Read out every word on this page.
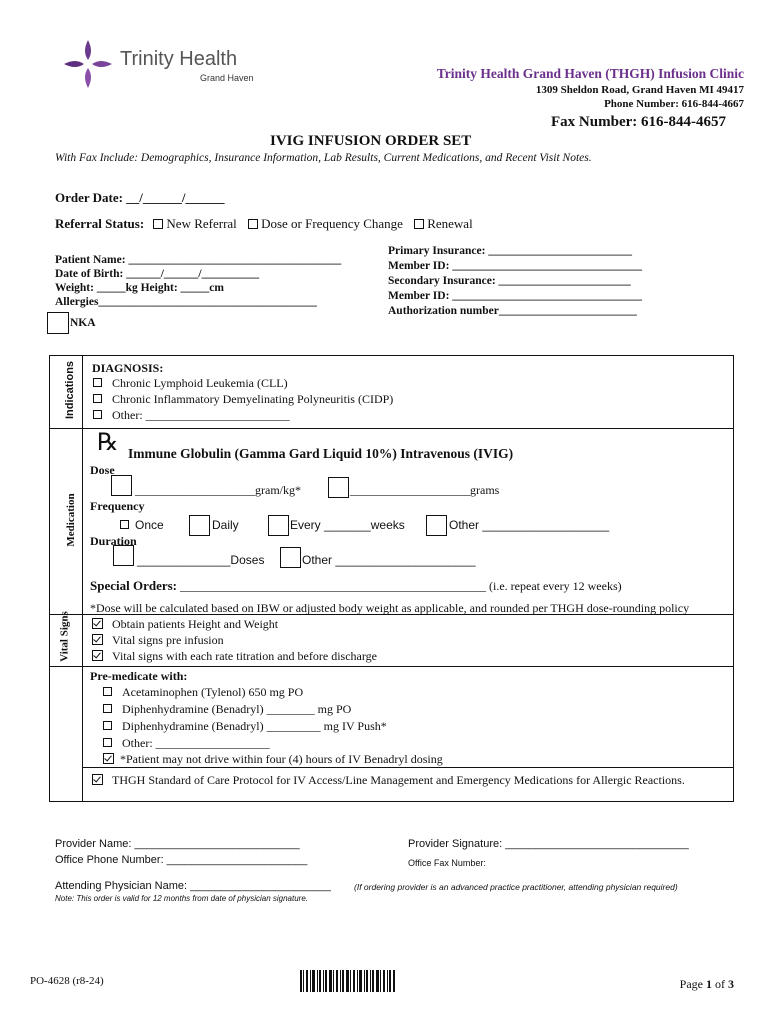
Trinity Health
Grand Haven	Trinity Health Grand Haven (THGH) Infusion Clinic
1309 Sheldon Road, Grand Haven MI 49417
Phone Number: 616-844-4667
Fax Number: 616-844-4657
IVIG INFUSION ORDER SET
With Fax Include: Demographics, Insurance Information, Lab Results, Current Medications, and Recent Visit Notes.
Order Date: __/______/______
Referral Status: New Referral Dose or Frequency Change Renewal
Patient Name: _____________________________________
Date of Birth: ______/______/__________
Weight: _____kg Height: _____cm
Allergies______________________________________
NKA
Primary Insurance: _________________________
Member ID: _________________________________
Secondary Insurance: _______________________
Member ID: _________________________________
Authorization number________________________
Indications
Medication
Vital Signs
DIAGNOSIS:
Chronic Lymphoid Leukemia (CLL)
Chronic Inflammatory Demyelinating Polyneuritis (CIDP)
Other: ________________________
℞ Immune Globulin (Gamma Gard Liquid 10%) Intravenous (IVIG)
Dose
____________________gram/kg*	____________________grams
Frequency
Once	Daily	Every _______weeks	Other ___________________
Duration
______________Doses	Other _____________________
Special Orders: ___________________________________________________ (i.e. repeat every 12 weeks)
*Dose will be calculated based on IBW or adjusted body weight as applicable, and rounded per THGH dose-rounding policy
Obtain patients Height and Weight
Vital signs pre infusion
Vital signs with each rate titration and before discharge
Pre-medicate with:
Acetaminophen (Tylenol) 650 mg PO
Diphenhydramine (Benadryl) ________ mg PO
Diphenhydramine (Benadryl) _________ mg IV Push*
Other: ___________________
*Patient may not drive within four (4) hours of IV Benadryl dosing
THGH Standard of Care Protocol for IV Access/Line Management and Emergency Medications for Allergic Reactions.
Provider Name: ___________________________	Provider Signature: ______________________________
Office Phone Number: _______________________	Office Fax Number:
Attending Physician Name: _______________________	(If ordering provider is an advanced practice practitioner, attending physician required)
Note: This order is valid for 12 months from date of physician signature.
PO-4628 (r8-24)	Page 1 of 3
